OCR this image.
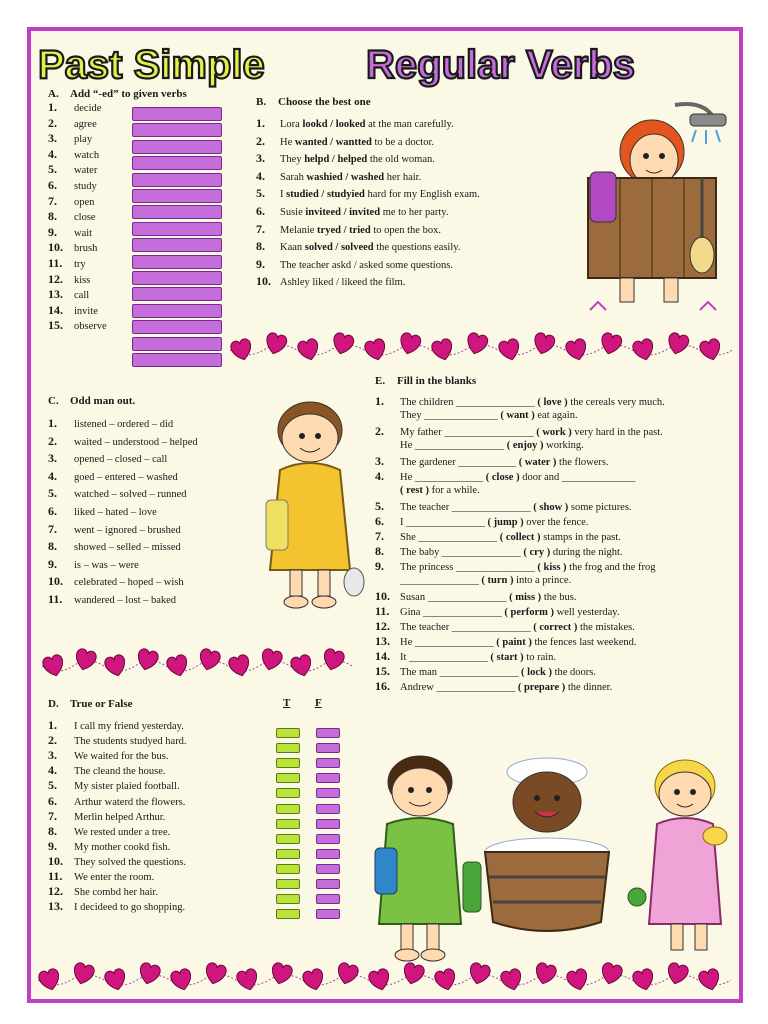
Past Simple	Regular Verbs
A. Add “-ed” to given verbs
1. decide
2. agree
3. play
4. watch
5. water
6. study
7. open
8. close
9. wait
10. brush
11. try
12. kiss
13. call
14. invite
15. observe
B. Choose the best one
1. Lora lookd / looked at the man carefully.
2. He wanted / wantted to be a doctor.
3. They helpd / helped the old woman.
4. Sarah washied / washed her hair.
5. I studied / studyied hard for my English exam.
6. Susie inviteed / invited me to her party.
7. Melanie tryed / tried to open the box.
8. Kaan solved / solveed the questions easily.
9. The teacher askd / asked some questions.
10. Ashley liked / likeed the film.
C. Odd man out.
1. listened – ordered – did
2. waited – understood – helped
3. opened – closed – call
4. goed – entered – washed
5. watched – solved – runned
6. liked – hated – love
7. went – ignored – brushed
8. showed – selled – missed
9. is – was – were
10. celebrated – hoped – wish
11. wandered – lost – baked
D. True or False	T F
1. I call my friend yesterday.
2. The students studyed hard.
3. We waited for the bus.
4. The cleand the house.
5. My sister plaied football.
6. Arthur waterd the flowers.
7. Merlin helped Arthur.
8. We rested under a tree.
9. My mother cookd fish.
10. They solved the questions.
11. We enter the room.
12. She combd her hair.
13. I decideed to go shopping.
E. Fill in the blanks
1. The children _______________ ( love ) the cereals very much.
They ______________ ( want ) eat again.
2. My father _________________ ( work ) very hard in the past.
He _________________ ( enjoy ) working.
3. The gardener ___________ ( water ) the flowers.
4. He _____________ ( close ) door and ______________
( rest ) for a while.
5. The teacher _______________ ( show ) some pictures.
6. I _______________ ( jump ) over the fence.
7. She _______________ ( collect ) stamps in the past.
8. The baby _______________ ( cry ) during the night.
9. The princess _______________ ( kiss ) the frog and the frog
_______________ ( turn ) into a prince.
10. Susan _______________ ( miss ) the bus.
11. Gina _______________ ( perform ) well yesterday.
12. The teacher _______________ ( correct ) the mistakes.
13. He _______________ ( paint ) the fences last weekend.
14. It _______________ ( start ) to rain.
15. The man _______________ ( lock ) the doors.
16. Andrew _______________ ( prepare ) the dinner.
